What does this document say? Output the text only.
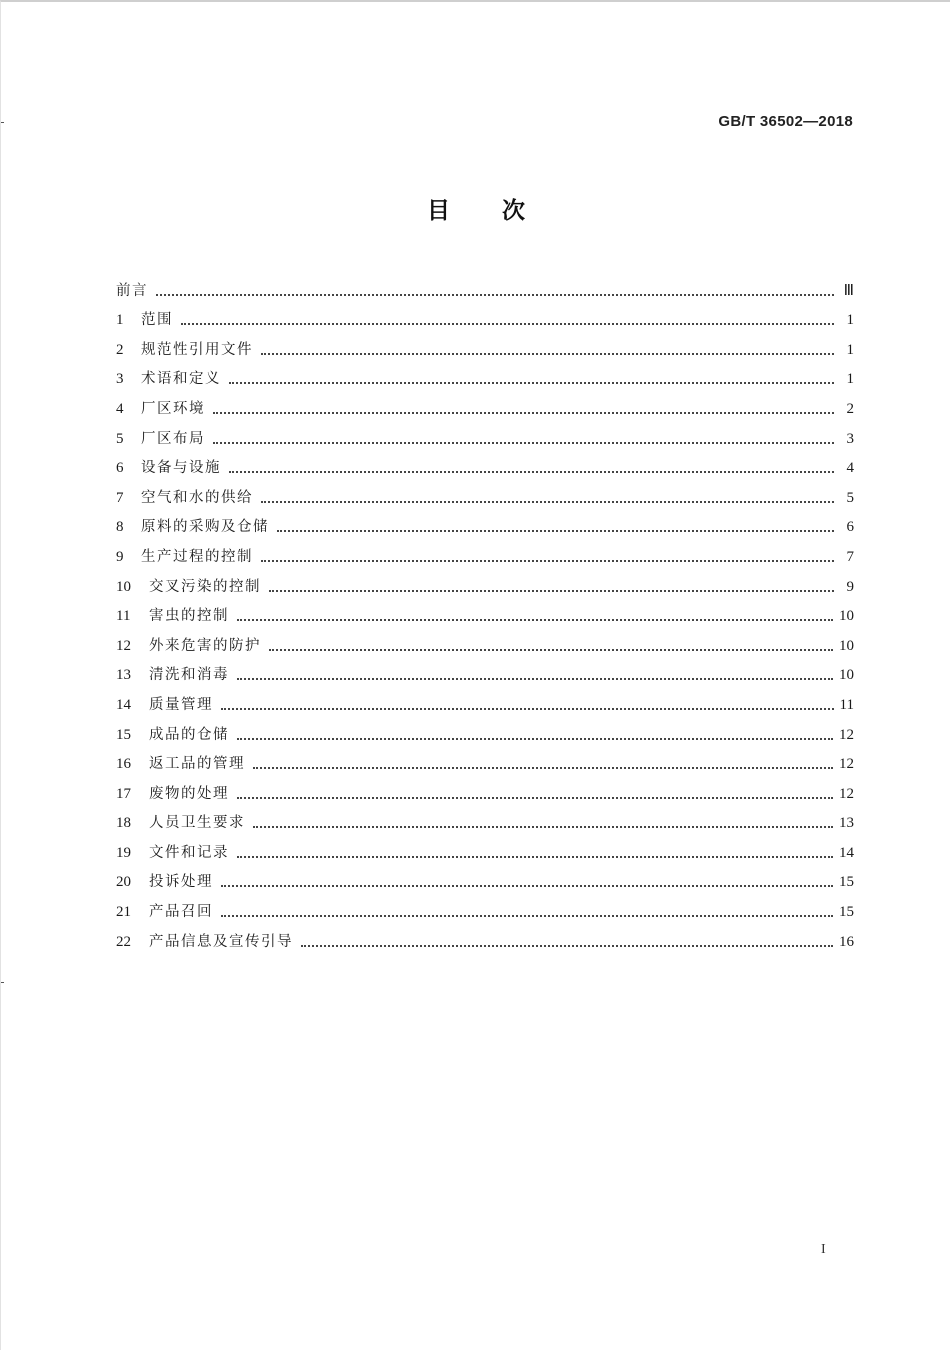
GB/T 36502—2018
目 次
前言	Ⅲ
1	范围	1
2	规范性引用文件	1
3	术语和定义	1
4	厂区环境	2
5	厂区布局	3
6	设备与设施	4
7	空气和水的供给	5
8	原料的采购及仓储	6
9	生产过程的控制	7
10	交叉污染的控制	9
11	害虫的控制	10
12	外来危害的防护	10
13	清洗和消毒	10
14	质量管理	11
15	成品的仓储	12
16	返工品的管理	12
17	废物的处理	12
18	人员卫生要求	13
19	文件和记录	14
20	投诉处理	15
21	产品召回	15
22	产品信息及宣传引导	16
I
